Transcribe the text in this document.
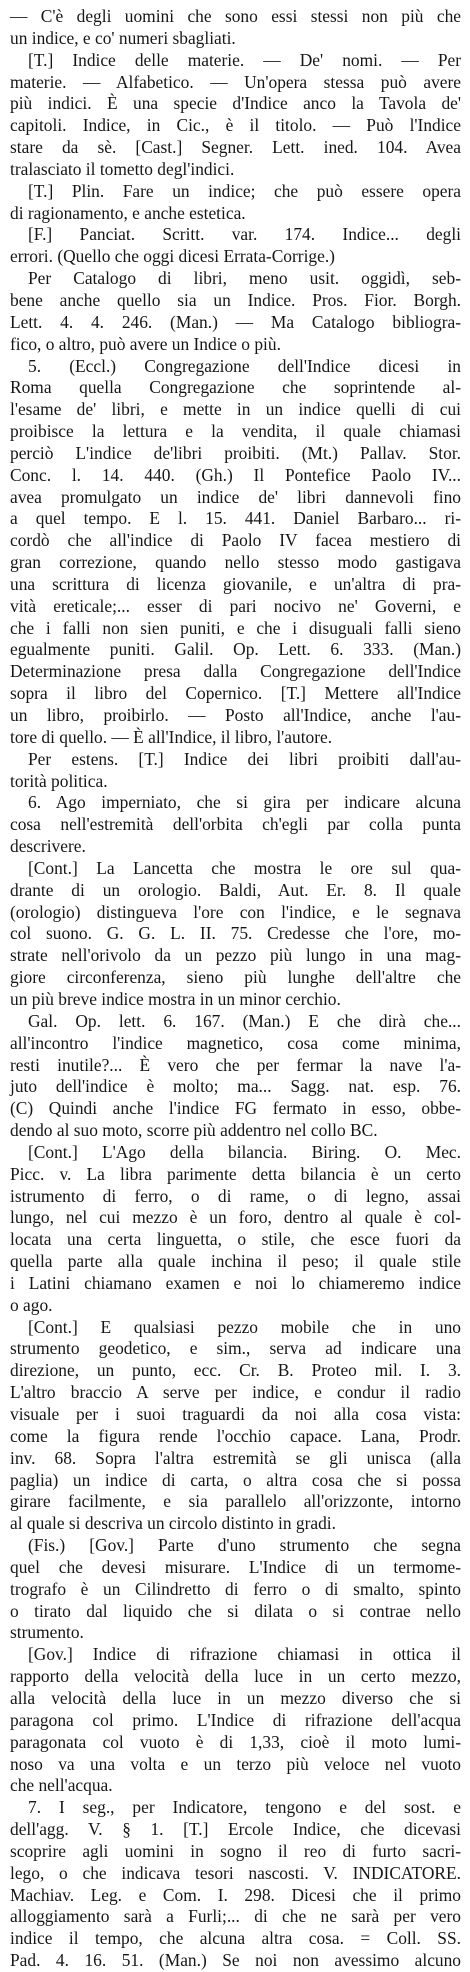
— C'è degli uomini che sono essi stessi non più che
un indice, e co' numeri sbagliati.
[T.] Indice delle materie. — De' nomi. — Per
materie. — Alfabetico. — Un'opera stessa può avere
più indici. È una specie d'Indice anco la Tavola de'
capitoli. Indice, in Cic., è il titolo. — Può l'Indice
stare da sè. [Cast.] Segner. Lett. ined. 104. Avea
tralasciato il tometto degl'indici.
[T.] Plin. Fare un indice; che può essere opera
di ragionamento, e anche estetica.
[F.] Panciat. Scritt. var. 174. Indice... degli
errori. (Quello che oggi dicesi Errata-Corrige.)
Per Catalogo di libri, meno usit. oggidì, seb-
bene anche quello sia un Indice. Pros. Fior. Borgh.
Lett. 4. 4. 246. (Man.) — Ma Catalogo bibliogra-
fico, o altro, può avere un Indice o più.
5. (Eccl.) Congregazione dell'Indice dicesi in
Roma quella Congregazione che soprintende al-
l'esame de' libri, e mette in un indice quelli di cui
proibisce la lettura e la vendita, il quale chiamasi
perciò L'indice de'libri proibiti. (Mt.) Pallav. Stor.
Conc. l. 14. 440. (Gh.) Il Pontefice Paolo IV...
avea promulgato un indice de' libri dannevoli fino
a quel tempo. E l. 15. 441. Daniel Barbaro... ri-
cordò che all'indice di Paolo IV facea mestiero di
gran correzione, quando nello stesso modo gastigava
una scrittura di licenza giovanile, e un'altra di pra-
vità ereticale;... esser di pari nocivo ne' Governi, e
che i falli non sien puniti, e che i disuguali falli sieno
egualmente puniti. Galil. Op. Lett. 6. 333. (Man.)
Determinazione presa dalla Congregazione dell'Indice
sopra il libro del Copernico. [T.] Mettere all'Indice
un libro, proibirlo. — Posto all'Indice, anche l'au-
tore di quello. — È all'Indice, il libro, l'autore.
Per estens. [T.] Indice dei libri proibiti dall'au-
torità politica.
6. Ago imperniato, che si gira per indicare alcuna
cosa nell'estremità dell'orbita ch'egli par colla punta
descrivere.
[Cont.] La Lancetta che mostra le ore sul qua-
drante di un orologio. Baldi, Aut. Er. 8. Il quale
(orologio) distingueva l'ore con l'indice, e le segnava
col suono. G. G. L. II. 75. Credesse che l'ore, mo-
strate nell'orivolo da un pezzo più lungo in una mag-
giore circonferenza, sieno più lunghe dell'altre che
un più breve indice mostra in un minor cerchio.
Gal. Op. lett. 6. 167. (Man.) E che dirà che...
all'incontro l'indice magnetico, cosa come minima,
resti inutile?... È vero che per fermar la nave l'a-
juto dell'indice è molto; ma... Sagg. nat. esp. 76.
(C) Quindi anche l'indice FG fermato in esso, obbe-
dendo al suo moto, scorre più addentro nel collo BC.
[Cont.] L'Ago della bilancia. Biring. O. Mec.
Picc. v. La libra parimente detta bilancia è un certo
istrumento di ferro, o di rame, o di legno, assai
lungo, nel cui mezzo è un foro, dentro al quale è col-
locata una certa linguetta, o stile, che esce fuori da
quella parte alla quale inchina il peso; il quale stile
i Latini chiamano examen e noi lo chiameremo indice
o ago.
[Cont.] E qualsiasi pezzo mobile che in uno
strumento geodetico, e sim., serva ad indicare una
direzione, un punto, ecc. Cr. B. Proteo mil. I. 3.
L'altro braccio A serve per indice, e condur il radio
visuale per i suoi traguardi da noi alla cosa vista:
come la figura rende l'occhio capace. Lana, Prodr.
inv. 68. Sopra l'altra estremità se gli unisca (alla
paglia) un indice di carta, o altra cosa che si possa
girare facilmente, e sia parallelo all'orizzonte, intorno
al quale si descriva un circolo distinto in gradi.
(Fis.) [Gov.] Parte d'uno strumento che segna
quel che devesi misurare. L'Indice di un termome-
trografo è un Cilindretto di ferro o di smalto, spinto
o tirato dal liquido che si dilata o si contrae nello
strumento.
[Gov.] Indice di rifrazione chiamasi in ottica il
rapporto della velocità della luce in un certo mezzo,
alla velocità della luce in un mezzo diverso che si
paragona col primo. L'Indice di rifrazione dell'acqua
paragonata col vuoto è di 1,33, cioè il moto lumi-
noso va una volta e un terzo più veloce nel vuoto
che nell'acqua.
7. I seg., per Indicatore, tengono e del sost. e
dell'agg. V. § 1. [T.] Ercole Indice, che dicevasi
scoprire agli uomini in sogno il reo di furto sacri-
lego, o che indicava tesori nascosti. V. INDICATORE.
Machiav. Leg. e Com. I. 298. Dicesi che il primo
alloggiamento sarà a Furli;... di che ne sarà per vero
indice il tempo, che alcuna altra cosa. = Coll. SS.
Pad. 4. 16. 51. (Man.) Se noi non avessimo alcuno
